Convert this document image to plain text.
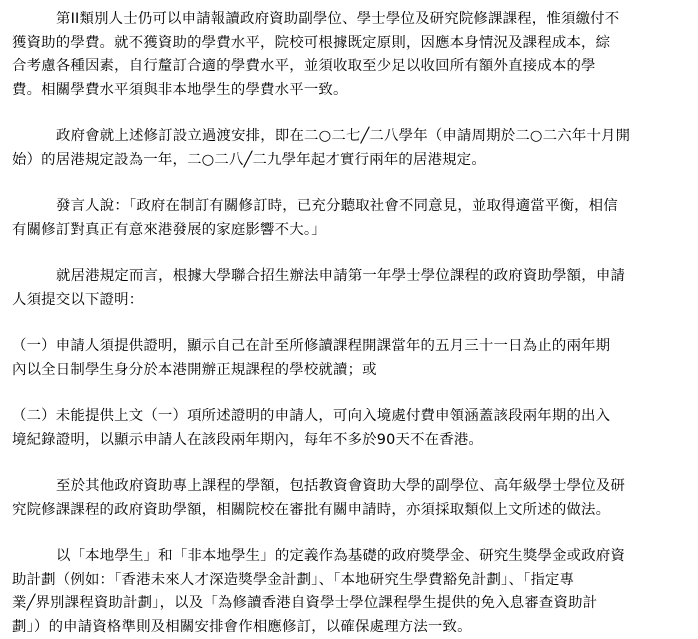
第II類別人士仍可以申請報讀政府資助副學位、學士學位及研究院修課課程，惟須繳付不
獲資助的學費。就不獲資助的學費水平，院校可根據既定原則，因應本身情況及課程成本，綜
合考慮各種因素，自行釐訂合適的學費水平，並須收取至少足以收回所有額外直接成本的學
費。相關學費水平須與非本地學生的學費水平一致。

政府會就上述修訂設立過渡安排，即在二○二七╱二八學年（申請周期於二○二六年十月開
始）的居港規定設為一年，二○二八╱二九學年起才實行兩年的居港規定。

發言人說：「政府在制訂有關修訂時，已充分聽取社會不同意見，並取得適當平衡，相信
有關修訂對真正有意來港發展的家庭影響不大。」

就居港規定而言，根據大學聯合招生辦法申請第一年學士學位課程的政府資助學額，申請
人須提交以下證明：

（一）申請人須提供證明，顯示自己在計至所修讀課程開課當年的五月三十一日為止的兩年期
內以全日制學生身分於本港開辦正規課程的學校就讀；或

（二）未能提供上文（一）項所述證明的申請人，可向入境處付費申領涵蓋該段兩年期的出入
境紀錄證明，以顯示申請人在該段兩年期內，每年不多於90天不在香港。

至於其他政府資助專上課程的學額，包括教資會資助大學的副學位、高年級學士學位及研
究院修課課程的政府資助學額，相關院校在審批有關申請時，亦須採取類似上文所述的做法。

以「本地學生」和「非本地學生」的定義作為基礎的政府獎學金、研究生獎學金或政府資
助計劃（例如：「香港未來人才深造獎學金計劃」、「本地研究生學費豁免計劃」、「指定專
業╱界別課程資助計劃」，以及「為修讀香港自資學士學位課程學生提供的免入息審查資助計
劃」）的申請資格準則及相關安排會作相應修訂，以確保處理方法一致。
